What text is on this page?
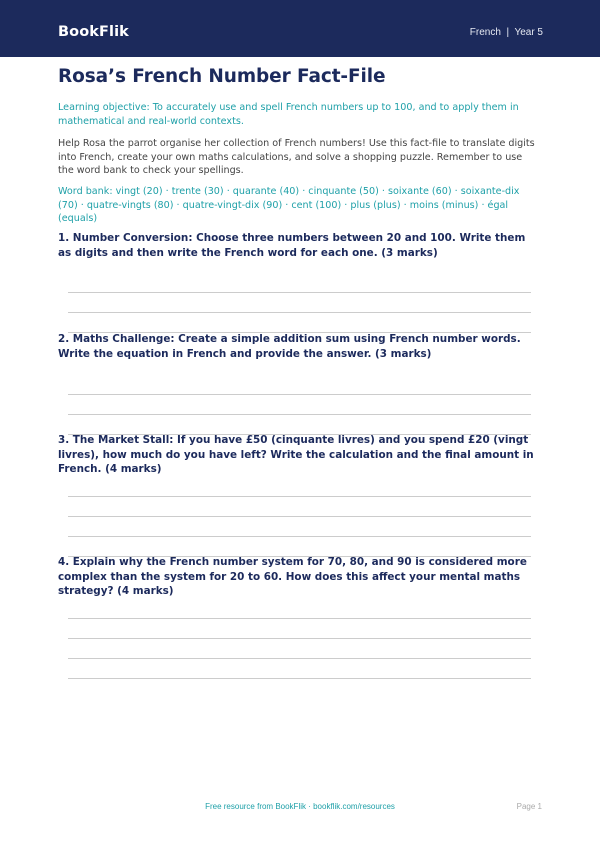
BookFlik	French  |  Year 5
Rosa’s French Number Fact-File
Learning objective: To accurately use and spell French numbers up to 100, and to apply them in mathematical and real-world contexts.
Help Rosa the parrot organise her collection of French numbers! Use this fact-file to translate digits into French, create your own maths calculations, and solve a shopping puzzle. Remember to use the word bank to check your spellings.
Word bank: vingt (20) · trente (30) · quarante (40) · cinquante (50) · soixante (60) · soixante-dix (70) · quatre-vingts (80) · quatre-vingt-dix (90) · cent (100) · plus (plus) · moins (minus) · égal (equals)
1. Number Conversion: Choose three numbers between 20 and 100. Write them as digits and then write the French word for each one. (3 marks)
2. Maths Challenge: Create a simple addition sum using French number words. Write the equation in French and provide the answer. (3 marks)
3. The Market Stall: If you have £50 (cinquante livres) and you spend £20 (vingt livres), how much do you have left? Write the calculation and the final amount in French. (4 marks)
4. Explain why the French number system for 70, 80, and 90 is considered more complex than the system for 20 to 60. How does this affect your mental maths strategy? (4 marks)
Free resource from BookFlik · bookflik.com/resources	Page 1
